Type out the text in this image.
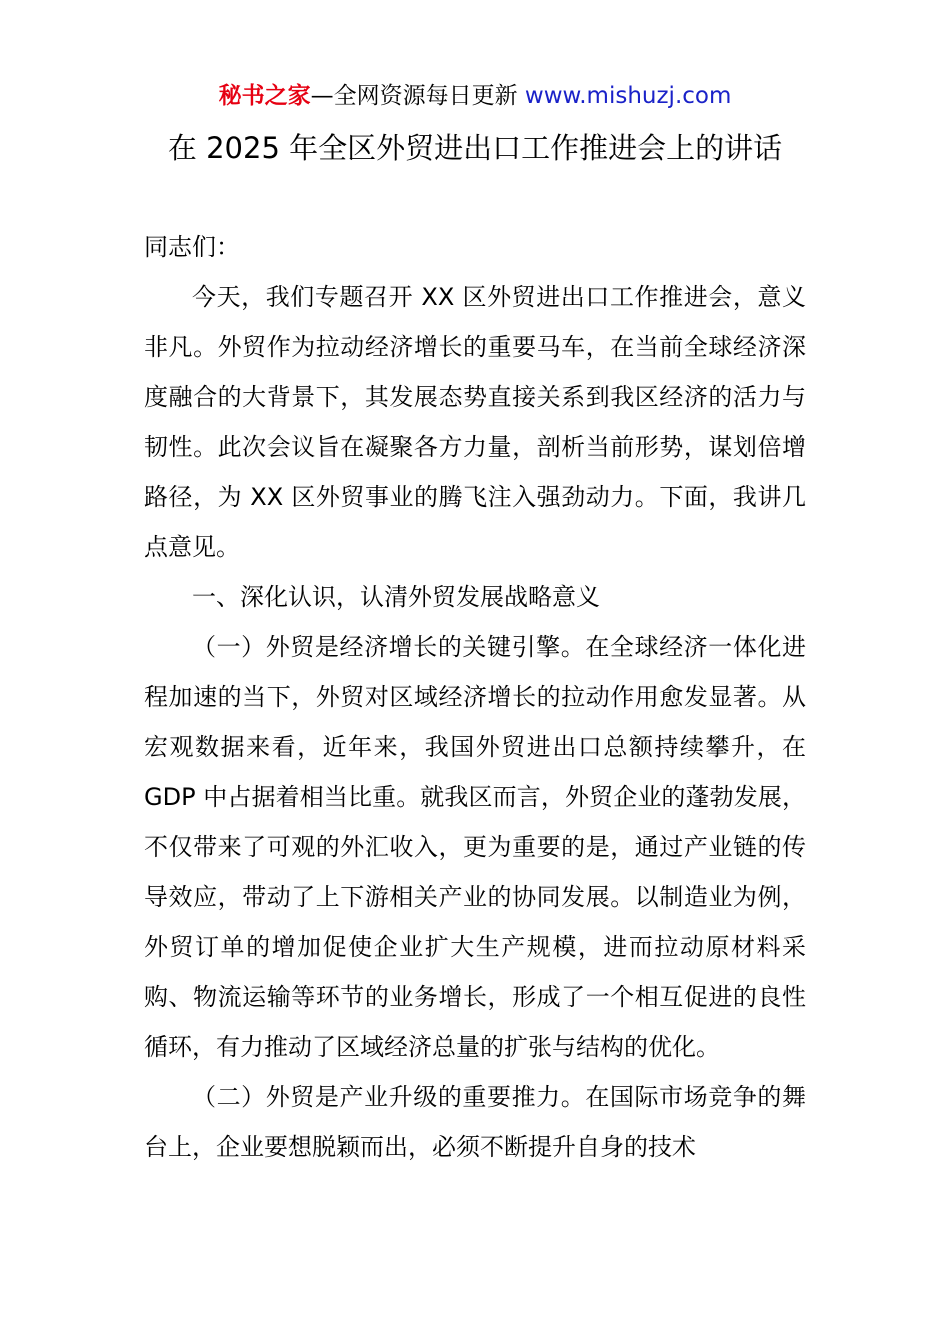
秘书之家—全网资源每日更新 www.mishuzj.com
在 2025 年全区外贸进出口工作推进会上的讲话

同志们：

今天，我们专题召开 XX 区外贸进出口工作推进会，意义非凡。外贸作为拉动经济增长的重要马车，在当前全球经济深度融合的大背景下，其发展态势直接关系到我区经济的活力与韧性。此次会议旨在凝聚各方力量，剖析当前形势，谋划倍增路径，为 XX 区外贸事业的腾飞注入强劲动力。下面，我讲几点意见。

一、深化认识，认清外贸发展战略意义

（一）外贸是经济增长的关键引擎。在全球经济一体化进程加速的当下，外贸对区域经济增长的拉动作用愈发显著。从宏观数据来看，近年来，我国外贸进出口总额持续攀升，在 GDP 中占据着相当比重。就我区而言，外贸企业的蓬勃发展，不仅带来了可观的外汇收入，更为重要的是，通过产业链的传导效应，带动了上下游相关产业的协同发展。以制造业为例，外贸订单的增加促使企业扩大生产规模，进而拉动原材料采购、物流运输等环节的业务增长，形成了一个相互促进的良性循环，有力推动了区域经济总量的扩张与结构的优化。

（二）外贸是产业升级的重要推力。在国际市场竞争的舞台上，企业要想脱颖而出，必须不断提升自身的技术
